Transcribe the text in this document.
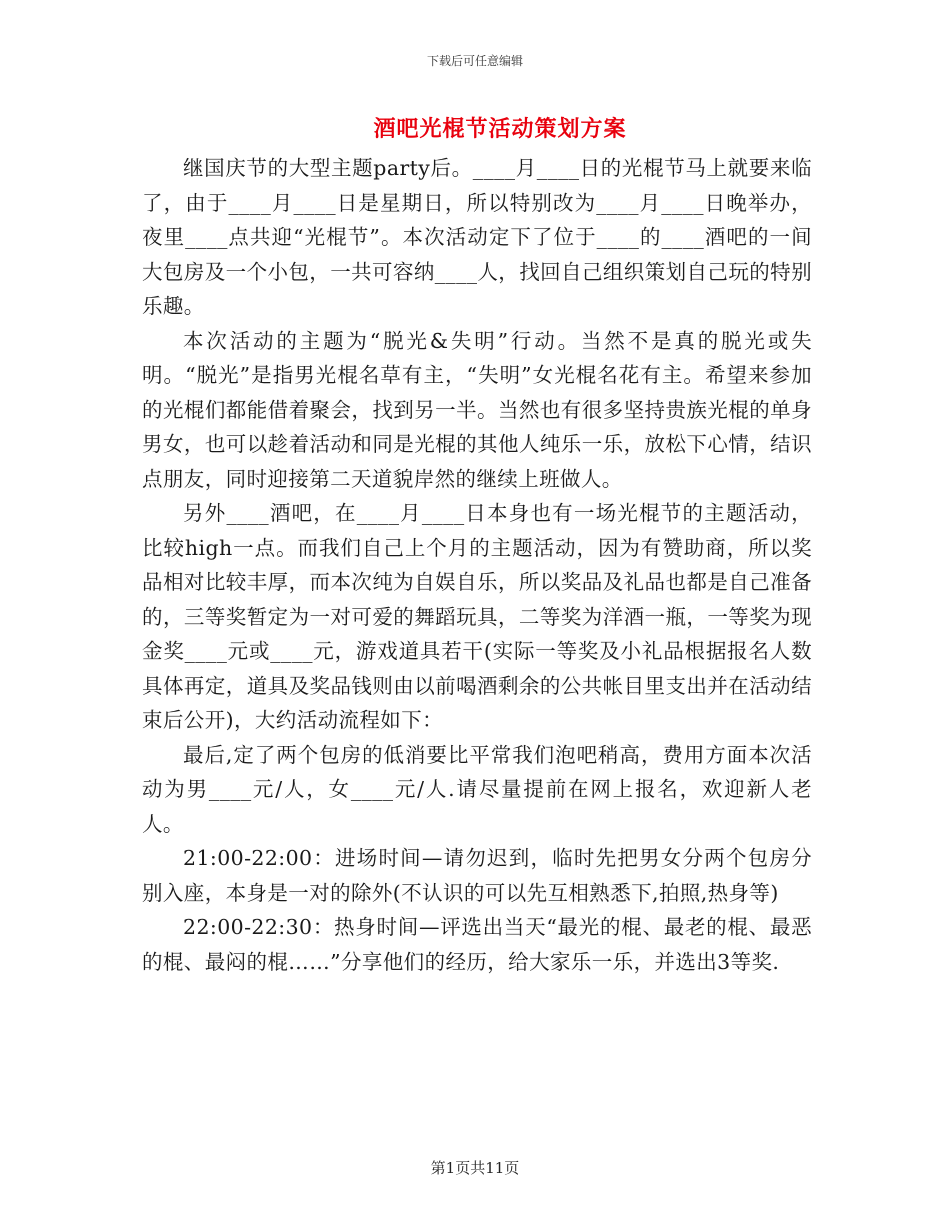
下载后可任意编辑
酒吧光棍节活动策划方案

继国庆节的大型主题party后。____月____日的光棍节马上就要来临了，由于____月____日是星期日，所以特别改为____月____日晚举办，夜里____点共迎“光棍节”。本次活动定下了位于____的____酒吧的一间大包房及一个小包，一共可容纳____人，找回自己组织策划自己玩的特别乐趣。

本次活动的主题为“脱光&失明”行动。当然不是真的脱光或失明。“脱光”是指男光棍名草有主，“失明”女光棍名花有主。希望来参加的光棍们都能借着聚会，找到另一半。当然也有很多坚持贵族光棍的单身男女，也可以趁着活动和同是光棍的其他人纯乐一乐，放松下心情，结识点朋友，同时迎接第二天道貌岸然的继续上班做人。

另外____酒吧，在____月____日本身也有一场光棍节的主题活动，比较high一点。而我们自己上个月的主题活动，因为有赞助商，所以奖品相对比较丰厚，而本次纯为自娱自乐，所以奖品及礼品也都是自己准备的，三等奖暂定为一对可爱的舞蹈玩具，二等奖为洋酒一瓶，一等奖为现金奖____元或____元，游戏道具若干(实际一等奖及小礼品根据报名人数具体再定，道具及奖品钱则由以前喝酒剩余的公共帐目里支出并在活动结束后公开)，大约活动流程如下：

最后,定了两个包房的低消要比平常我们泡吧稍高，费用方面本次活动为男____元/人，女____元/人.请尽量提前在网上报名，欢迎新人老人。

21:00-22:00：进场时间—请勿迟到，临时先把男女分两个包房分别入座，本身是一对的除外(不认识的可以先互相熟悉下,拍照,热身等)

22:00-22:30：热身时间—评选出当天“最光的棍、最老的棍、最恶的棍、最闷的棍……”分享他们的经历，给大家乐一乐，并选出3等奖.

第1页共11页
